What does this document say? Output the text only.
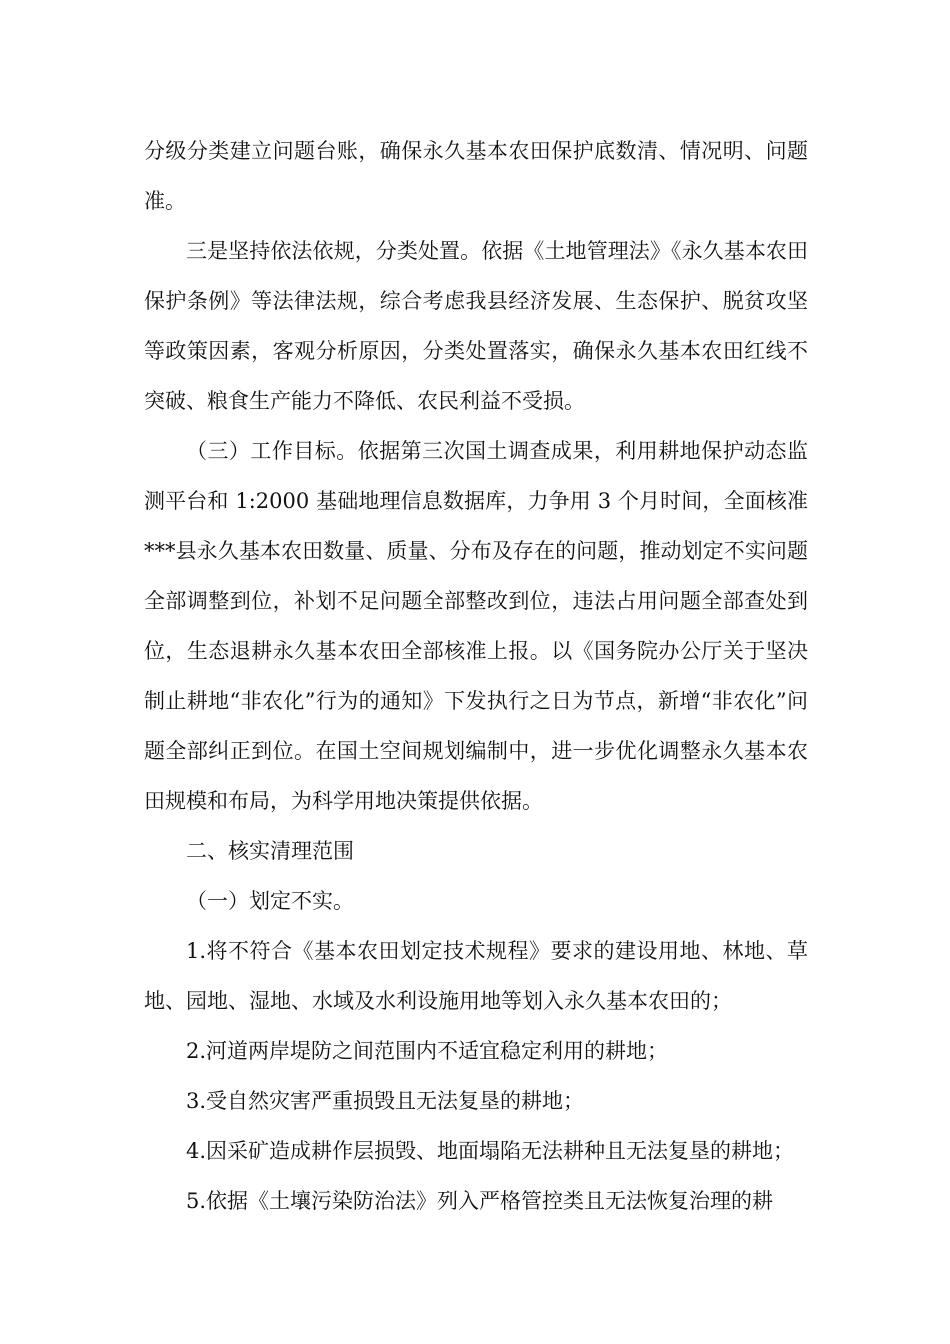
分级分类建立问题台账，确保永久基本农田保护底数清、情况明、问题准。

三是坚持依法依规，分类处置。依据《土地管理法》《永久基本农田保护条例》等法律法规，综合考虑我县经济发展、生态保护、脱贫攻坚等政策因素，客观分析原因，分类处置落实，确保永久基本农田红线不突破、粮食生产能力不降低、农民利益不受损。

（三）工作目标。依据第三次国土调查成果，利用耕地保护动态监测平台和 1:2000 基础地理信息数据库，力争用 3 个月时间，全面核准***县永久基本农田数量、质量、分布及存在的问题，推动划定不实问题全部调整到位，补划不足问题全部整改到位，违法占用问题全部查处到位，生态退耕永久基本农田全部核准上报。以《国务院办公厅关于坚决制止耕地“非农化”行为的通知》下发执行之日为节点，新增“非农化”问题全部纠正到位。在国土空间规划编制中，进一步优化调整永久基本农田规模和布局，为科学用地决策提供依据。

二、核实清理范围

（一）划定不实。

1.将不符合《基本农田划定技术规程》要求的建设用地、林地、草地、园地、湿地、水域及水利设施用地等划入永久基本农田的；

2.河道两岸堤防之间范围内不适宜稳定利用的耕地；

3.受自然灾害严重损毁且无法复垦的耕地；

4.因采矿造成耕作层损毁、地面塌陷无法耕种且无法复垦的耕地；

5.依据《土壤污染防治法》列入严格管控类且无法恢复治理的耕
